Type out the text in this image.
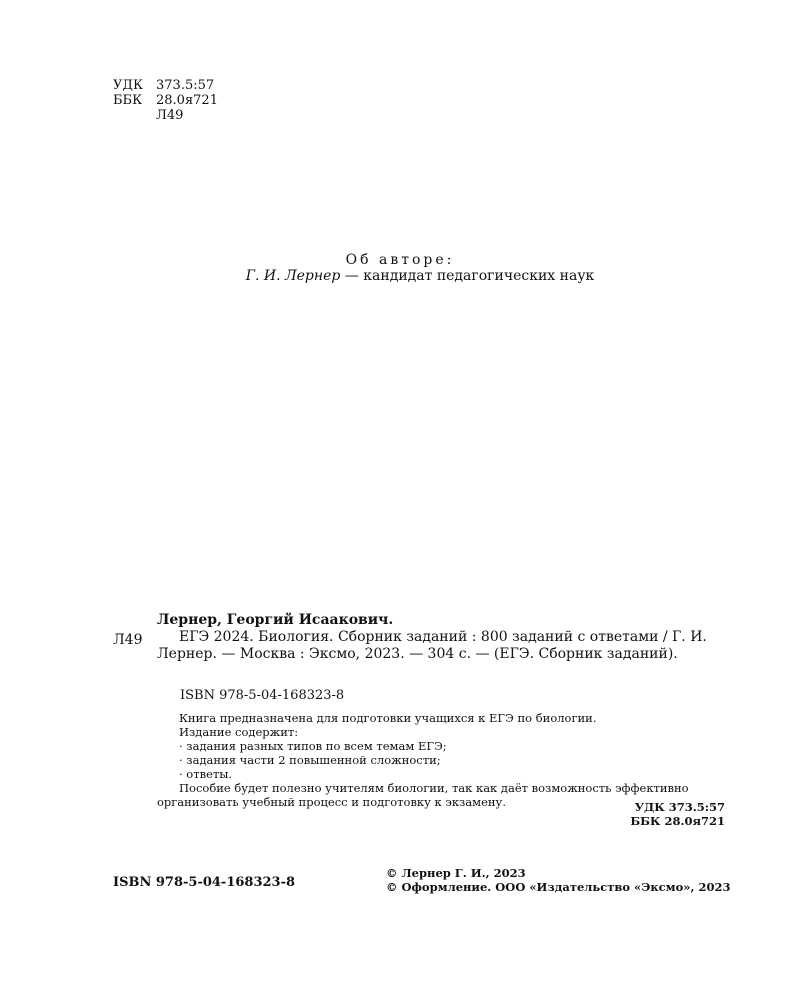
УДК 373.5:57
ББК	28.0я721
Л49
Об авторе:
Г. И. Лернер — кандидат педагогических наук
Лернер, Георгий Исаакович.
ЕГЭ 2024. Биология. Сборник заданий : 800 заданий с ответами / Г. И. Лернер. — Москва : Эксмо, 2023. — 304 с. — (ЕГЭ. Сборник заданий).
Л49
ISBN 978-5-04-168323-8
Книга предназначена для подготовки учащихся к ЕГЭ по биологии.
Издание содержит:
· задания разных типов по всем темам ЕГЭ;
· задания части 2 повышенной сложности;
· ответы.
Пособие будет полезно учителям биологии, так как даёт возможность эффективно организовать учебный процесс и подготовку к экзамену.	УДК 373.5:57
ББК 28.0я721
© Лернер Г. И., 2023
© Оформление. ООО «Издательство «Эксмо», 2023
ISBN 978-5-04-168323-8
